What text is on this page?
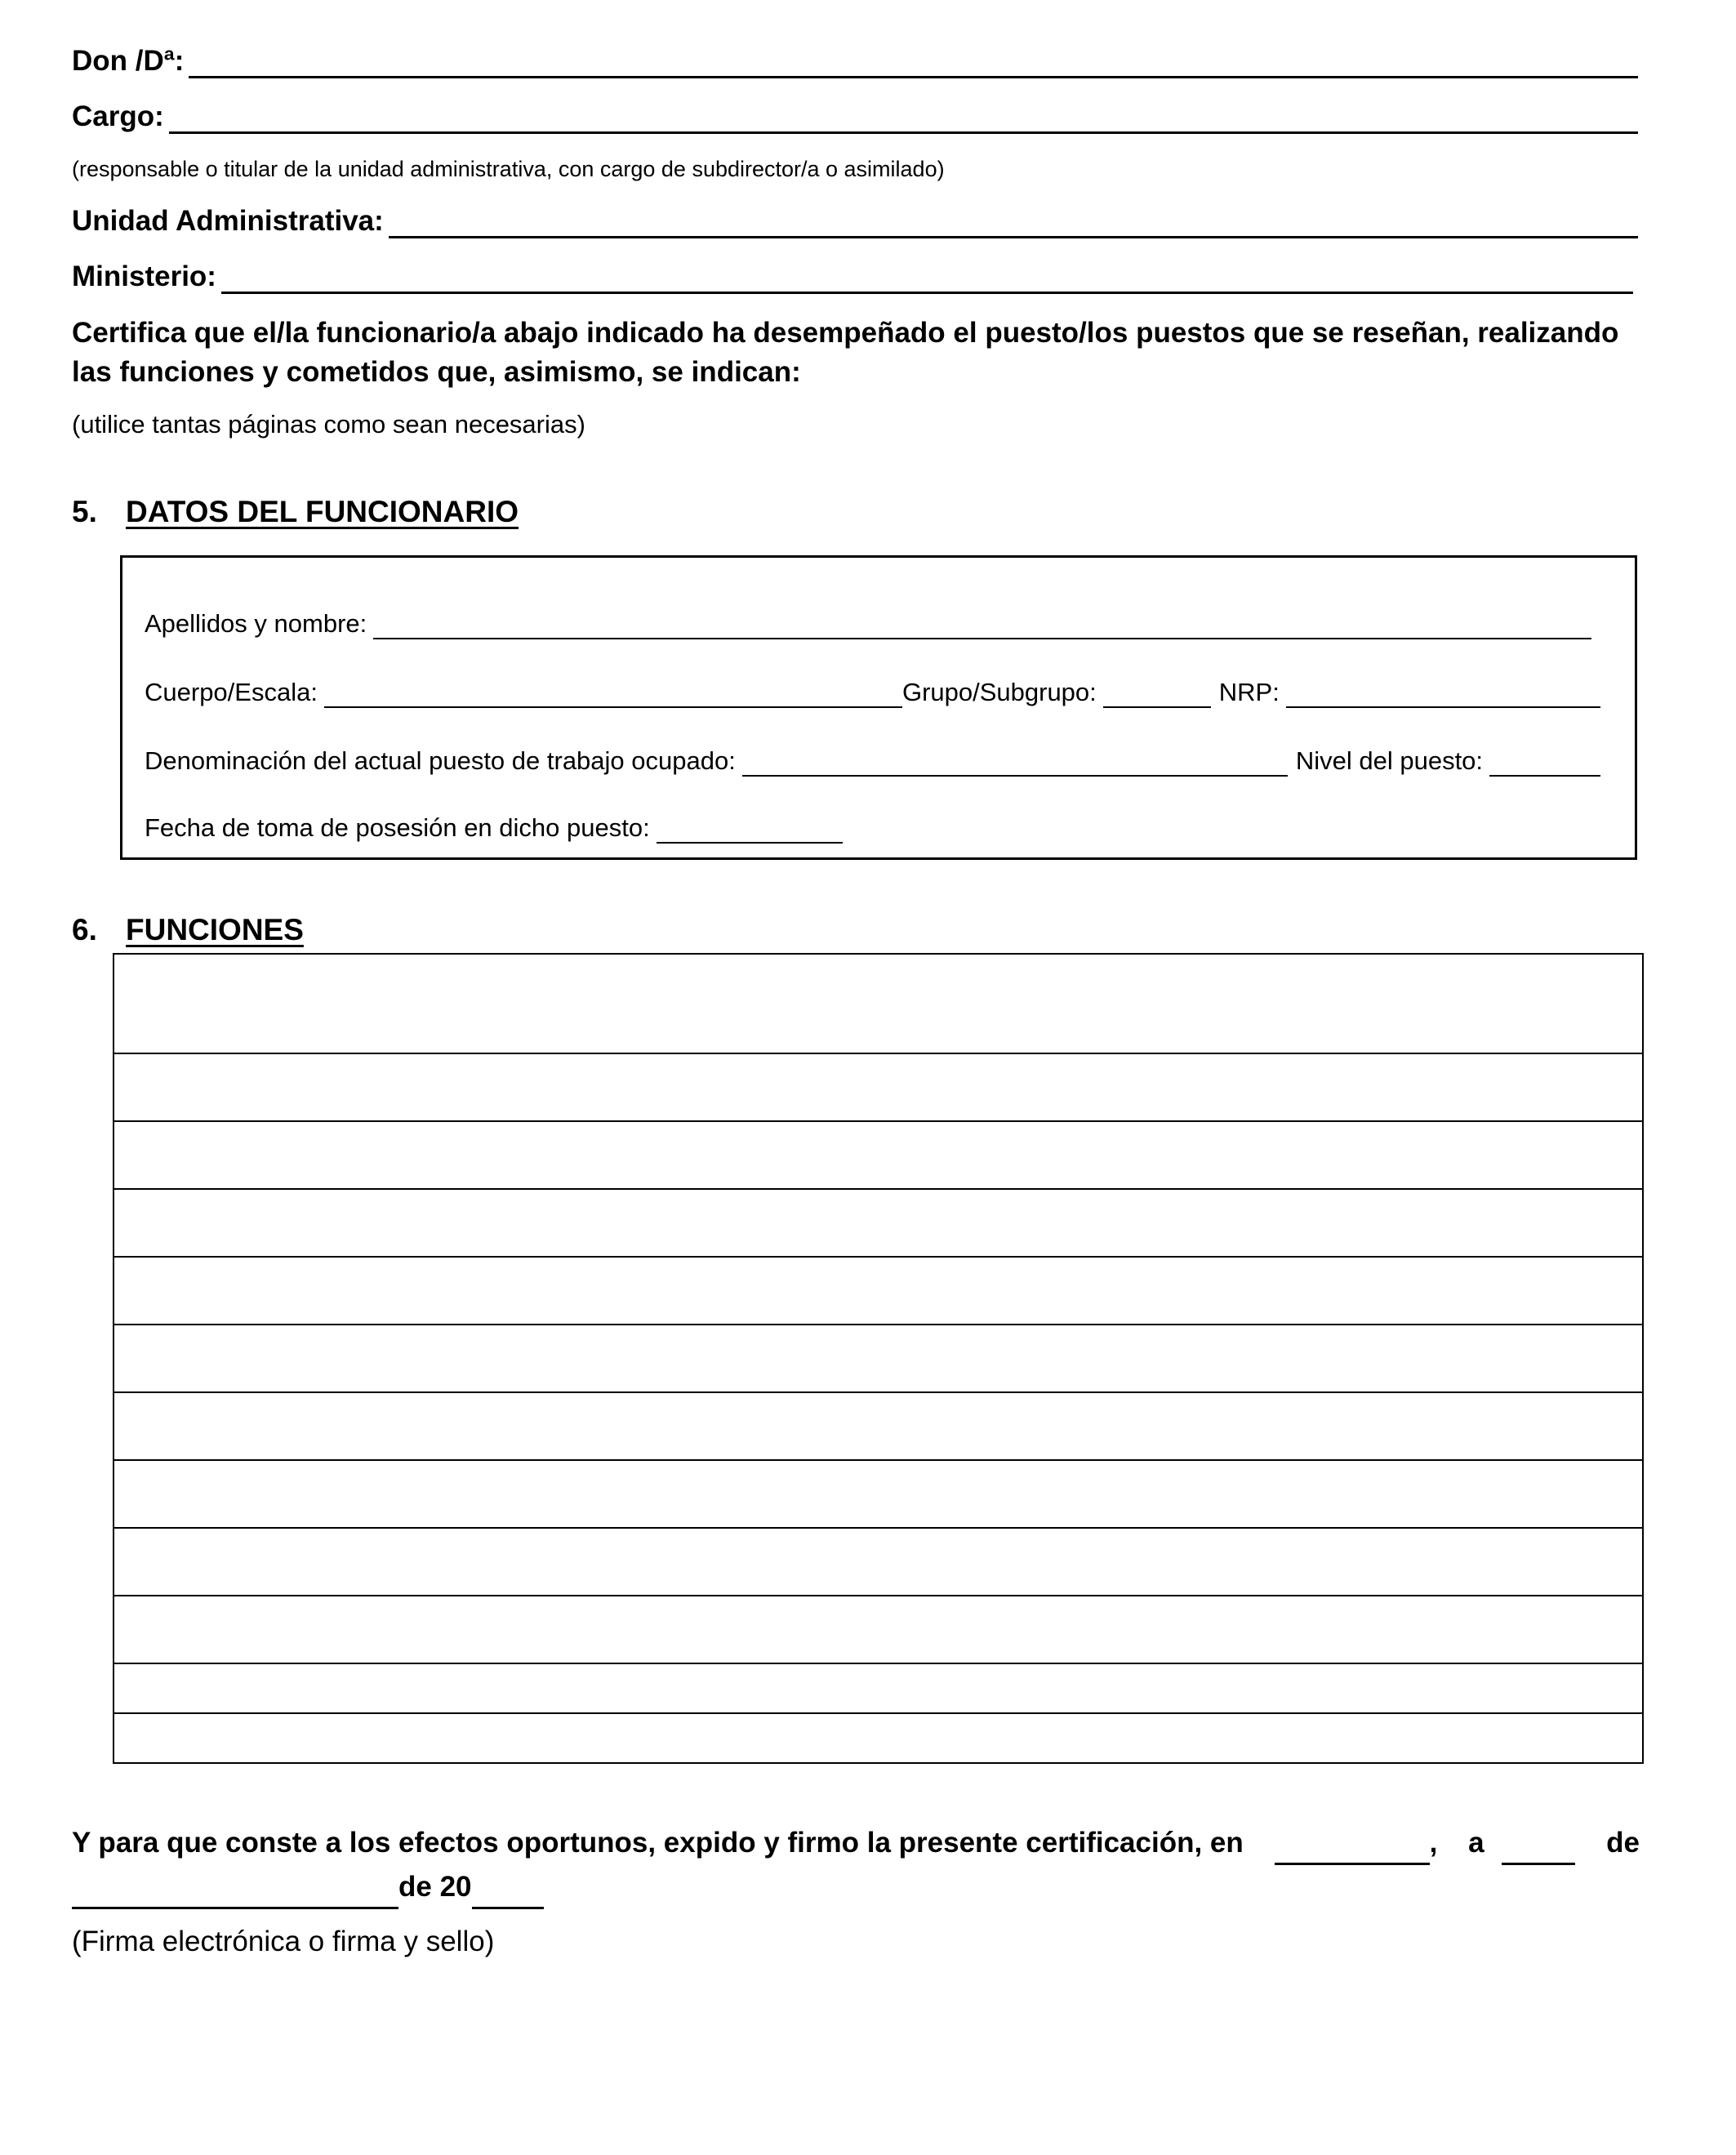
Don /Dª:
Cargo:
(responsable o titular de la unidad administrativa, con cargo de subdirector/a o asimilado)
Unidad Administrativa:
Ministerio:
Certifica que el/la funcionario/a abajo indicado ha desempeñado el puesto/los puestos que se reseñan, realizando las funciones y cometidos que, asimismo, se indican:
(utilice tantas páginas como sean necesarias)
5. DATOS DEL FUNCIONARIO
Apellidos y nombre:
Cuerpo/Escala:	Grupo/Subgrupo:	NRP:
Denominación del actual puesto de trabajo ocupado:	Nivel del puesto:
Fecha de toma de posesión en dicho puesto:
6. FUNCIONES

Y para que conste a los efectos oportunos, expido y firmo la presente certificación, en	, a	de
de 20
(Firma electrónica o firma y sello)
